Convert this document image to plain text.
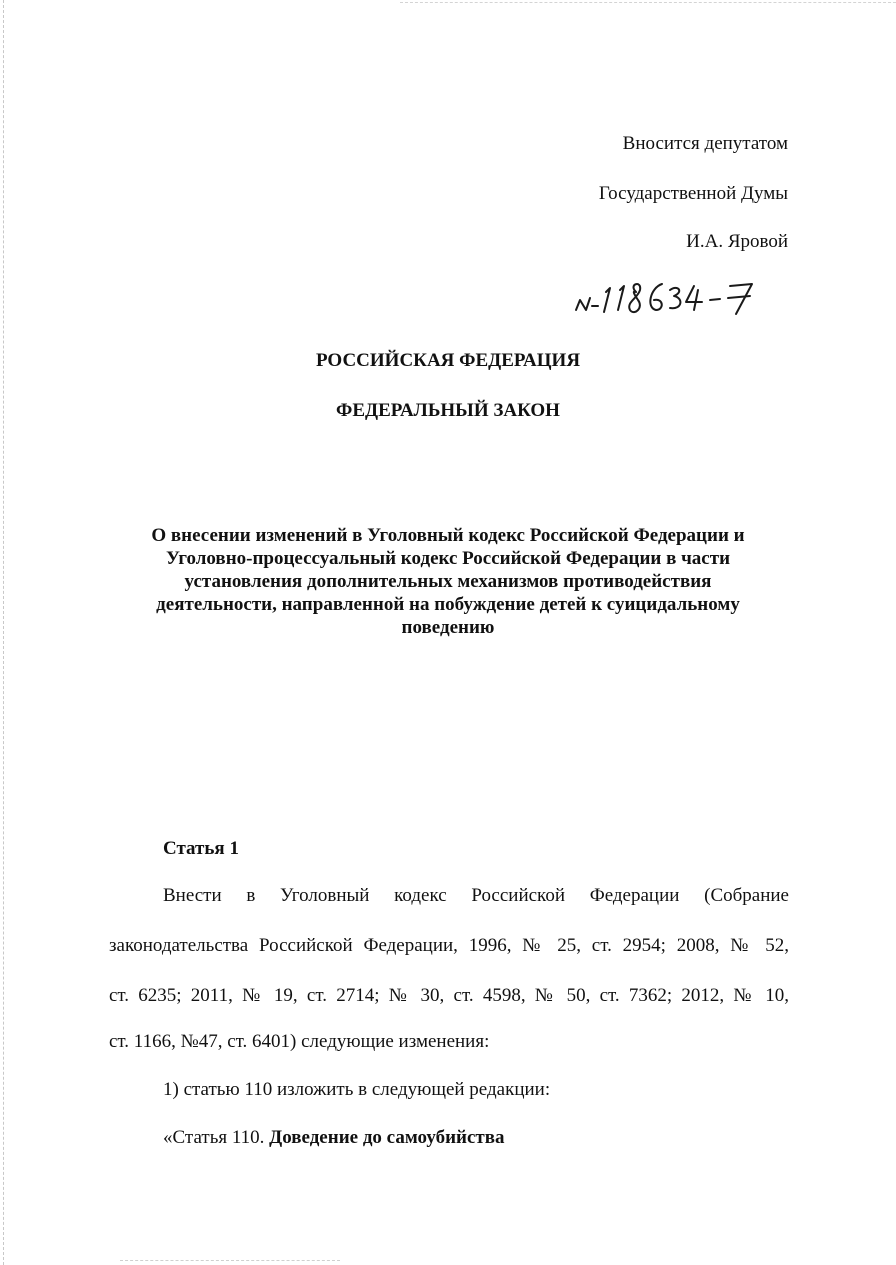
Вносится депутатом
Государственной Думы
И.А. Яровой
РОССИЙСКАЯ ФЕДЕРАЦИЯ
ФЕДЕРАЛЬНЫЙ ЗАКОН
О внесении изменений в Уголовный кодекс Российской Федерации и
Уголовно-процессуальный кодекс Российской Федерации в части
установления дополнительных механизмов противодействия
деятельности, направленной на побуждение детей к суицидальному
поведению
Статья 1
Внести в Уголовный кодекс Российской Федерации (Собрание
законодательства Российской Федерации, 1996, № 25, ст. 2954; 2008, № 52,
ст. 6235; 2011, № 19, ст. 2714; № 30, ст. 4598, № 50, ст. 7362; 2012, № 10,
ст. 1166, №47, ст. 6401) следующие изменения:
1) статью 110 изложить в следующей редакции:
«Статья 110. Доведение до самоубийства
